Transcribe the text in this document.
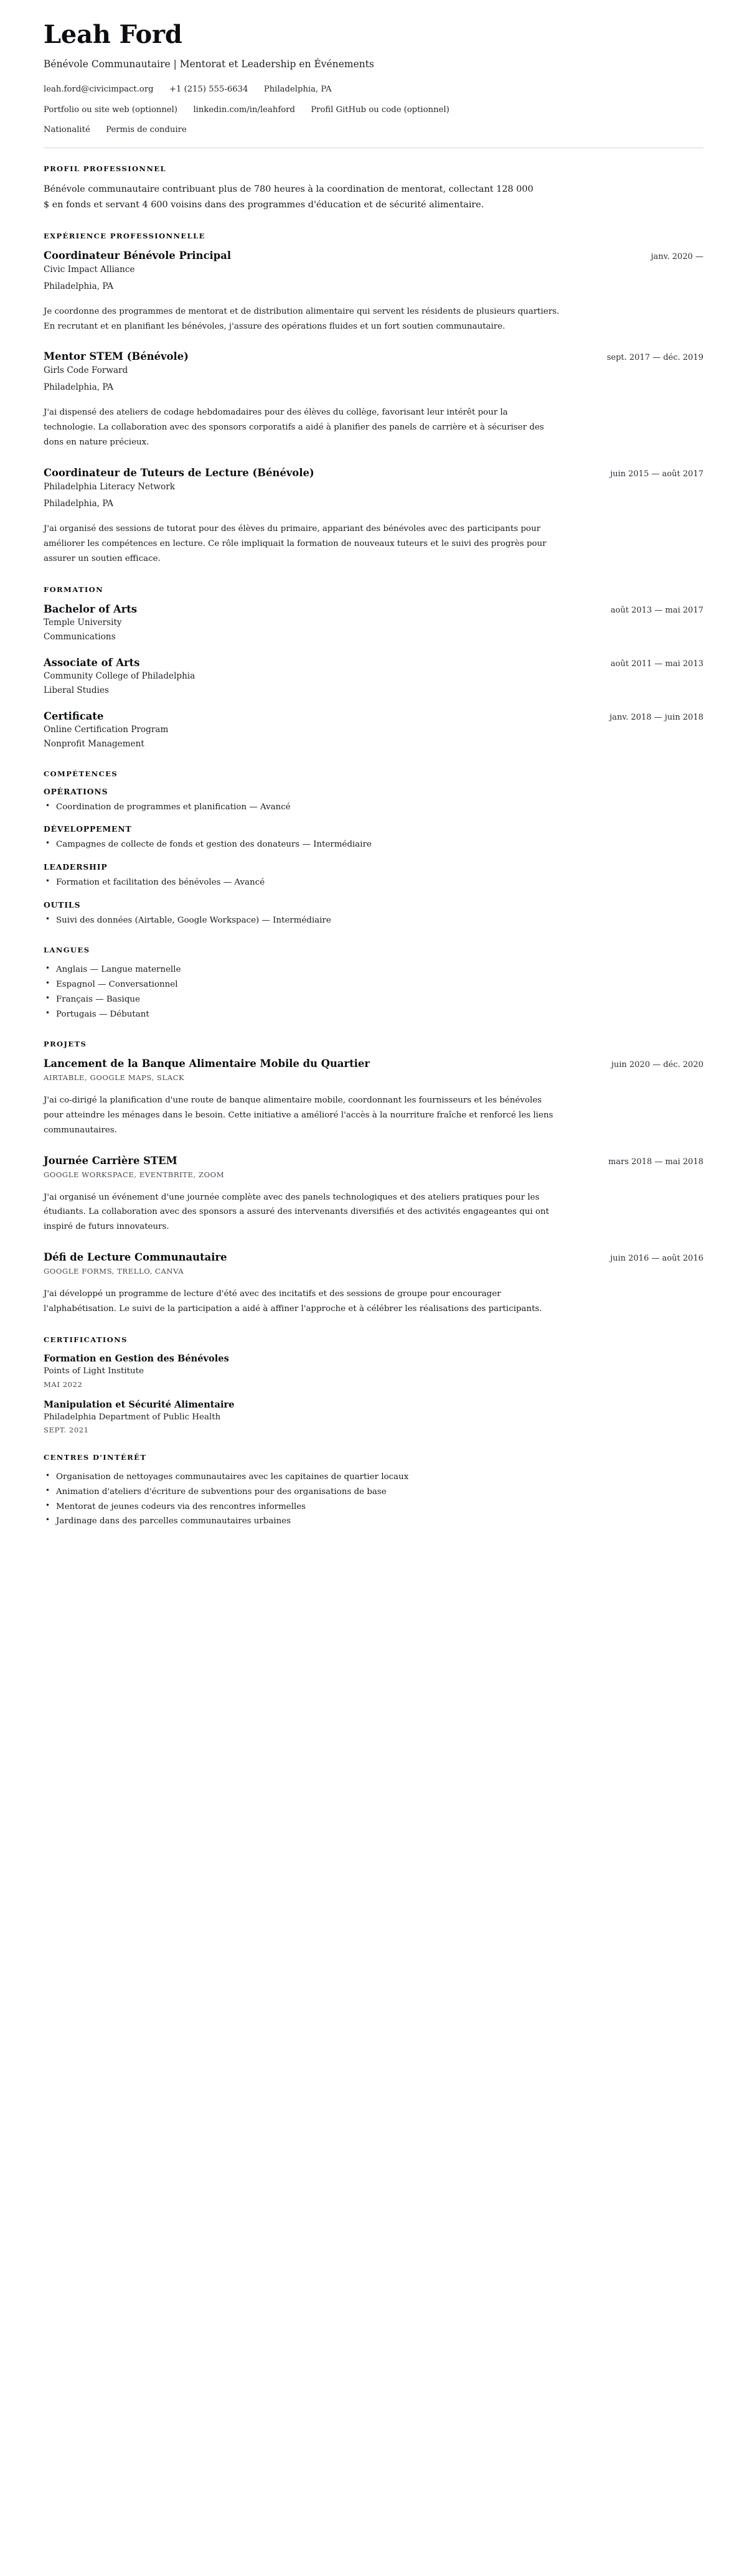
Leah Ford
Bénévole Communautaire | Mentorat et Leadership en Événements
leah.ford@civicimpact.org +1 (215) 555-6634 Philadelphia, PA
Portfolio ou site web (optionnel) linkedin.com/in/leahford Profil GitHub ou code (optionnel)
Nationalité Permis de conduire
PROFIL PROFESSIONNEL

Bénévole communautaire contribuant plus de 780 heures à la coordination de mentorat, collectant 128 000 $ en fonds et servant 4 600 voisins dans des programmes d'éducation et de sécurité alimentaire.

EXPÉRIENCE PROFESSIONNELLE
Coordinateur Bénévole Principal	janv. 2020 —

Civic Impact Alliance

Philadelphia, PA

Je coordonne des programmes de mentorat et de distribution alimentaire qui servent les résidents de plusieurs quartiers. En recrutant et en planifiant les bénévoles, j'assure des opérations fluides et un fort soutien communautaire.

Mentor STEM (Bénévole)	sept. 2017 — déc. 2019

Girls Code Forward

Philadelphia, PA

J'ai dispensé des ateliers de codage hebdomadaires pour des élèves du collège, favorisant leur intérêt pour la technologie. La collaboration avec des sponsors corporatifs a aidé à planifier des panels de carrière et à sécuriser des dons en nature précieux.

Coordinateur de Tuteurs de Lecture (Bénévole)	juin 2015 — août 2017

Philadelphia Literacy Network

Philadelphia, PA

J'ai organisé des sessions de tutorat pour des élèves du primaire, appariant des bénévoles avec des participants pour améliorer les compétences en lecture. Ce rôle impliquait la formation de nouveaux tuteurs et le suivi des progrès pour assurer un soutien efficace.

FORMATION
Bachelor of Arts	août 2013 — mai 2017

Temple University

Communications

Associate of Arts	août 2011 — mai 2013

Community College of Philadelphia

Liberal Studies

Certificate	janv. 2018 — juin 2018

Online Certification Program

Nonprofit Management

COMPÉTENCES
OPÉRATIONS
• Coordination de programmes et planification — Avancé
DÉVELOPPEMENT
• Campagnes de collecte de fonds et gestion des donateurs — Intermédiaire
LEADERSHIP
• Formation et facilitation des bénévoles — Avancé
OUTILS
• Suivi des données (Airtable, Google Workspace) — Intermédiaire
LANGUES
• Anglais — Langue maternelle
• Espagnol — Conversationnel
• Français — Basique
• Portugais — Débutant
PROJETS
Lancement de la Banque Alimentaire Mobile du Quartier	juin 2020 — déc. 2020

AIRTABLE, GOOGLE MAPS, SLACK

J'ai co-dirigé la planification d'une route de banque alimentaire mobile, coordonnant les fournisseurs et les bénévoles pour atteindre les ménages dans le besoin. Cette initiative a amélioré l'accès à la nourriture fraîche et renforcé les liens communautaires.

Journée Carrière STEM	mars 2018 — mai 2018

GOOGLE WORKSPACE, EVENTBRITE, ZOOM

J'ai organisé un événement d'une journée complète avec des panels technologiques et des ateliers pratiques pour les étudiants. La collaboration avec des sponsors a assuré des intervenants diversifiés et des activités engageantes qui ont inspiré de futurs innovateurs.

Défi de Lecture Communautaire	juin 2016 — août 2016

GOOGLE FORMS, TRELLO, CANVA

J'ai développé un programme de lecture d'été avec des incitatifs et des sessions de groupe pour encourager l'alphabétisation. Le suivi de la participation a aidé à affiner l'approche et à célébrer les réalisations des participants.

CERTIFICATIONS
Formation en Gestion des Bénévoles

Points of Light Institute

MAI 2022

Manipulation et Sécurité Alimentaire

Philadelphia Department of Public Health

SEPT. 2021

CENTRES D'INTÉRÊT
• Organisation de nettoyages communautaires avec les capitaines de quartier locaux
• Animation d'ateliers d'écriture de subventions pour des organisations de base
• Mentorat de jeunes codeurs via des rencontres informelles
• Jardinage dans des parcelles communautaires urbaines
